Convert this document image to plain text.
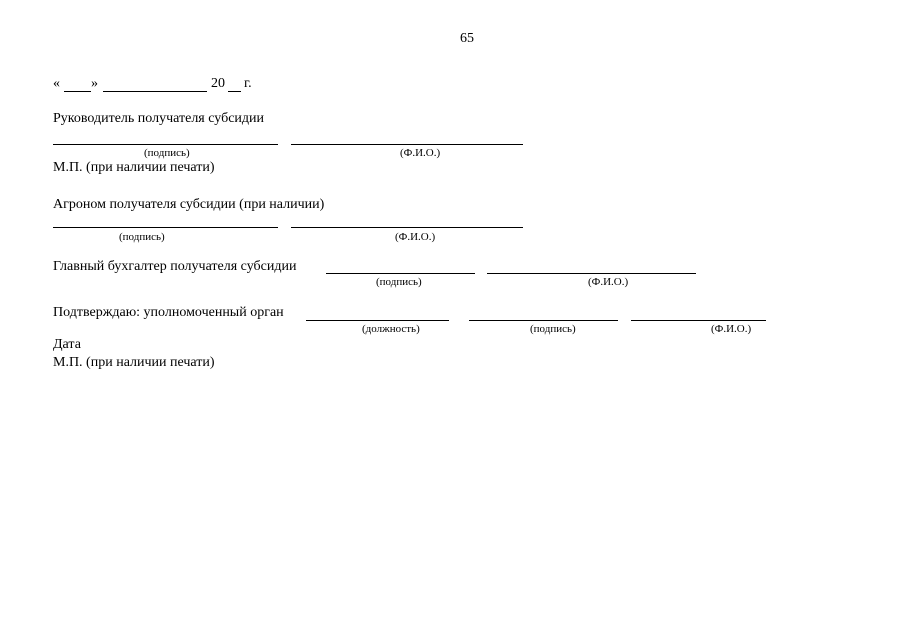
65
« »	20 г.
Руководитель получателя субсидии
(подпись)	(Ф.И.О.)
М.П. (при наличии печати)
Агроном получателя субсидии (при наличии)
(подпись)	(Ф.И.О.)
Главный бухгалтер получателя субсидии
(подпись)	(Ф.И.О.)
Подтверждаю: уполномоченный орган
(должность)	(подпись)	(Ф.И.О.)
Дата
М.П. (при наличии печати)
